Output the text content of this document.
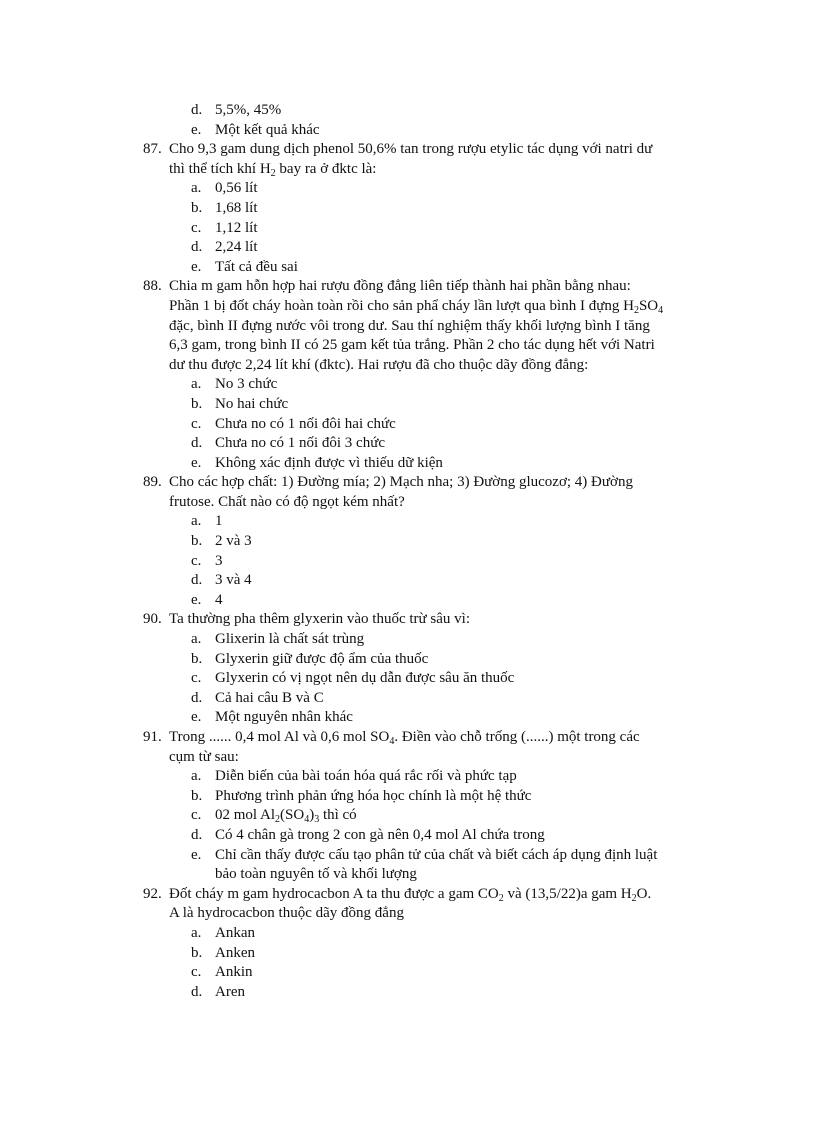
d. 5,5%, 45%
e. Một kết quả khác
87. Cho 9,3 gam dung dịch phenol 50,6% tan trong rượu etylic tác dụng với natri dư
thì thể tích khí $H_2$ bay ra ở đktc là:
a. 0,56 lít
b. 1,68 lít
c. 1,12 lít
d. 2,24 lít
e. Tất cả đều sai
88. Chia m gam hỗn hợp hai rượu đồng đẳng liên tiếp thành hai phần bằng nhau:
Phần 1 bị đốt cháy hoàn toàn rồi cho sản phẩ cháy lần lượt qua bình I đựng $H_2SO_4$
đặc, bình II đựng nước vôi trong dư. Sau thí nghiệm thấy khối lượng bình I tăng
6,3 gam, trong bình II có 25 gam kết tủa trắng. Phần 2 cho tác dụng hết với Natri
dư thu được 2,24 lít khí (đktc). Hai rượu đã cho thuộc dãy đồng đẳng:
a. No 3 chức
b. No hai chức
c. Chưa no có 1 nối đôi hai chức
d. Chưa no có 1 nối đôi 3 chức
e. Không xác định được vì thiếu dữ kiện
89. Cho các hợp chất: 1) Đường mía; 2) Mạch nha; 3) Đường glucozơ; 4) Đường
frutose. Chất nào có độ ngọt kém nhất?
a. 1
b. 2 và 3
c. 3
d. 3 và 4
e. 4
90. Ta thường pha thêm glyxerin vào thuốc trừ sâu vì:
a. Glixerin là chất sát trùng
b. Glyxerin giữ được độ ẩm của thuốc
c. Glyxerin có vị ngọt nên dụ dẫn được sâu ăn thuốc
d. Cả hai câu B và C
e. Một nguyên nhân khác
91. Trong ...... 0,4 mol Al và 0,6 mol $SO_4$. Điền vào chỗ trống (......) một trong các
cụm từ sau:
a. Diễn biến của bài toán hóa quá rắc rối và phức tạp
b. Phương trình phản ứng hóa học chính là một hệ thức
c. 02 mol $Al_2(SO_4)_3$ thì có
d. Có 4 chân gà trong 2 con gà nên 0,4 mol Al chứa trong
e. Chỉ cần thấy được cấu tạo phân tử của chất và biết cách áp dụng định luật
bảo toàn nguyên tố và khối lượng
92. Đốt cháy m gam hydrocacbon A ta thu được a gam $CO_2$ và (13,5/22)a gam $H_2O$.
A là hydrocacbon thuộc dãy đồng đẳng
a. Ankan
b. Anken
c. Ankin
d. Aren
